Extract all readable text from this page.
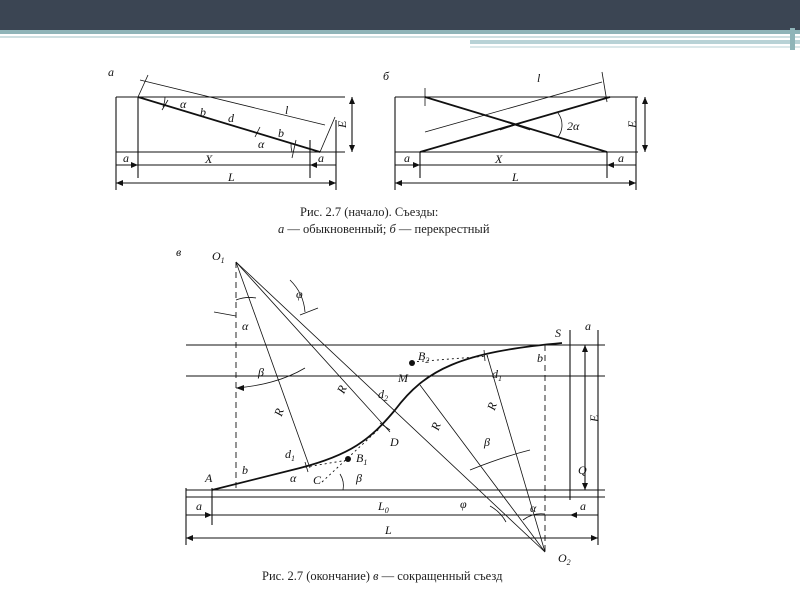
а
α
b d
l
b
α
E
a	X	a
L
б	l
2α	E
a	X	a
L
Рис. 2.7 (начало). Съезды:
а — обыкновенный; б — перекрестный
в	$O_1$
$O_2$
φ
α
β
R
R
R
R
$d_1$
$d_2$
$d_1$
$B_1$
$B_2$
M
D
C
S a
A
Q
b
b
E
α	β
β
φ	α
a	$L_0$	a
L
Рис. 2.7 (окончание) в — сокращенный съезд
